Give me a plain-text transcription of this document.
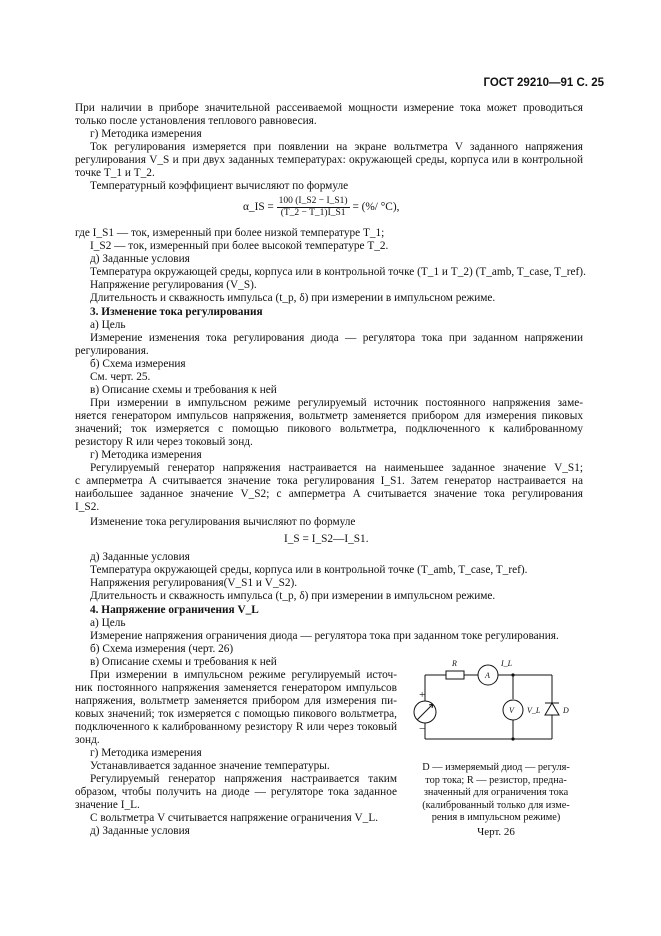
ГОСТ 29210—91 С. 25
При наличии в приборе значительной рассеиваемой мощности измерение тока может проводиться
только после установления теплового равновесия.
г) Методика измерения
Ток регулирования измеряется при появлении на экране вольтметра V заданного напряжения
регулирования V_S и при двух заданных температурах: окружающей среды, корпуса или в контрольной
точке T_1 и T_2.
Температурный коэффициент вычисляют по формуле
α_IS = $\frac{100 (I\_S2 - I\_S1)}{(T\_2 - T\_1)I\_S1}$ = (%/ °C),
где I_S1 — ток, измеренный при более низкой температуре T_1;
I_S2 — ток, измеренный при более высокой температуре T_2.
д) Заданные условия
Температура окружающей среды, корпуса или в контрольной точке (T_1 и T_2) (T_amb, T_case, T_ref).
Напряжение регулирования (V_S).
Длительность и скважность импульса (t_p, δ) при измерении в импульсном режиме.
3. Изменение тока регулирования
а) Цель
Измерение изменения тока регулирования диода — регулятора тока при заданном напряжении
регулирования.
б) Схема измерения
См. черт. 25.
в) Описание схемы и требования к ней
При измерении в импульсном режиме регулируемый источник постоянного напряжения заме-
няется генератором импульсов напряжения, вольтметр заменяется прибором для измерения пиковых
значений; ток измеряется с помощью пикового вольтметра, подключенного к калиброванному
резистору R или через токовый зонд.
г) Методика измерения
Регулируемый генератор напряжения настраивается на наименьшее заданное значение V_S1;
с амперметра A считывается значение тока регулирования I_S1. Затем генератор настраивается на
наибольшее заданное значение V_S2; с амперметра A считывается значение тока регулирования
I_S2.
Изменение тока регулирования вычисляют по формуле
I_S = I_S2—I_S1.
д) Заданные условия
Температура окружающей среды, корпуса или в контрольной точке (T_amb, T_case, T_ref).
Напряжения регулирования(V_S1 и V_S2).
Длительность и скважность импульса (t_p, δ) при измерении в импульсном режиме.
4. Напряжение ограничения V_L
а) Цель
Измерение напряжения ограничения диода — регулятора тока при заданном токе регулирования.
б) Схема измерения (черт. 26)
в) Описание схемы и требования к ней
При измерении в импульсном режиме регулируемый источ-
ник постоянного напряжения заменяется генератором импульсов
напряжения, вольтметр заменяется прибором для измерения пи-
ковых значений; ток измеряется с помощью пикового вольтметра,
подключенного к калиброванному резистору R или через токовый
зонд.
г) Методика измерения
Устанавливается заданное значение температуры.
Регулируемый генератор напряжения настраивается таким
образом, чтобы получить на диоде — регуляторе тока заданное
значение I_L.
С вольтметра V считывается напряжение ограничения V_L.
д) Заданные условия
R
A
I_L
V V_L	D
+
−
D — измеряемый диод — регуля-
тор тока; R — резистор, предна-
значенный для ограничения тока
(калиброванный только для изме-
рения в импульсном режиме)
Черт. 26
